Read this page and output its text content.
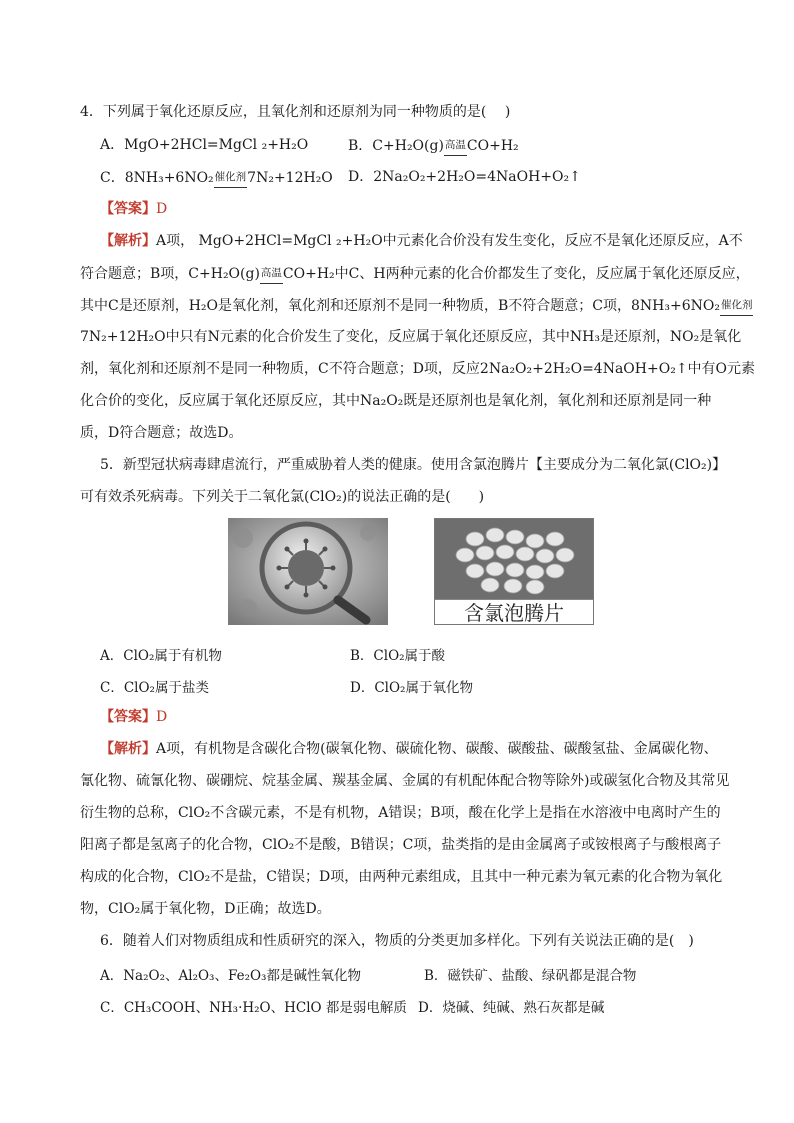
4．下列属于氧化还原反应，且氧化剂和还原剂为同一种物质的是(　 )
A．MgO+2HCl=MgCl ₂+H₂O	B．C+H₂O(g)高温CO+H₂
C．8NH₃+6NO₂催化剂7N₂+12H₂O D．2Na₂O₂+2H₂O=4NaOH+O₂↑
【答案】D
【解析】A项， MgO+2HCl=MgCl ₂+H₂O中元素化合价没有发生变化，反应不是氧化还原反应，A不
符合题意；B项，C+H₂O(g)高温CO+H₂中C、H两种元素的化合价都发生了变化，反应属于氧化还原反应，
其中C是还原剂，H₂O是氧化剂，氧化剂和还原剂不是同一种物质，B不符合题意；C项，8NH₃+6NO₂催化剂
7N₂+12H₂O中只有N元素的化合价发生了变化，反应属于氧化还原反应，其中NH₃是还原剂，NO₂是氧化
剂，氧化剂和还原剂不是同一种物质，C不符合题意；D项，反应2Na₂O₂+2H₂O=4NaOH+O₂↑中有O元素
化合价的变化，反应属于氧化还原反应，其中Na₂O₂既是还原剂也是氧化剂，氧化剂和还原剂是同一种
质，D符合题意；故选D。
5．新型冠状病毒肆虐流行，严重威胁着人类的健康。使用含氯泡腾片【主要成分为二氧化氯(ClO₂)】
可有效杀死病毒。下列关于二氧化氯(ClO₂)的说法正确的是(　　)
含氯泡腾片
A．ClO₂属于有机物	B．ClO₂属于酸
C．ClO₂属于盐类	D．ClO₂属于氧化物
【答案】D
【解析】A项，有机物是含碳化合物(碳氧化物、碳硫化物、碳酸、碳酸盐、碳酸氢盐、金属碳化物、
氰化物、硫氰化物、碳硼烷、烷基金属、羰基金属、金属的有机配体配合物等除外)或碳氢化合物及其常见
衍生物的总称，ClO₂不含碳元素，不是有机物，A错误；B项，酸在化学上是指在水溶液中电离时产生的
阳离子都是氢离子的化合物，ClO₂不是酸，B错误；C项，盐类指的是由金属离子或铵根离子与酸根离子
构成的化合物，ClO₂不是盐，C错误；D项，由两种元素组成，且其中一种元素为氧元素的化合物为氧化
物，ClO₂属于氧化物，D正确；故选D。
6．随着人们对物质组成和性质研究的深入，物质的分类更加多样化。下列有关说法正确的是(　)
A．Na₂O₂、Al₂O₃、Fe₂O₃都是碱性氧化物	B．磁铁矿、盐酸、绿矾都是混合物
C．CH₃COOH、NH₃·H₂O、HClO 都是弱电解质 D．烧碱、纯碱、熟石灰都是碱
